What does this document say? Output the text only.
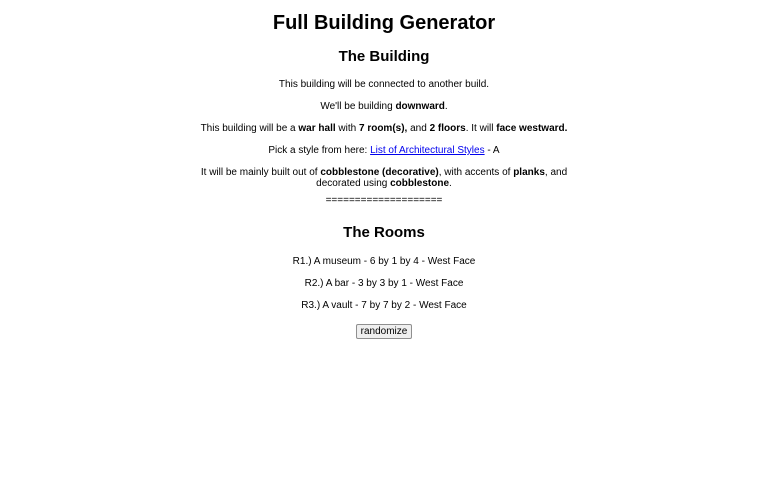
Full Building Generator
The Building

This building will be connected to another build.

We'll be building downward.

This building will be a war hall with 7 room(s), and 2 floors. It will face westward.

Pick a style from here: List of Architectural Styles - A

It will be mainly built out of cobblestone (decorative), with accents of planks, and decorated using cobblestone.

====================

The Rooms

R1.) A museum - 6 by 1 by 4 - West Face

R2.) A bar - 3 by 3 by 1 - West Face

R3.) A vault - 7 by 7 by 2 - West Face

randomize
